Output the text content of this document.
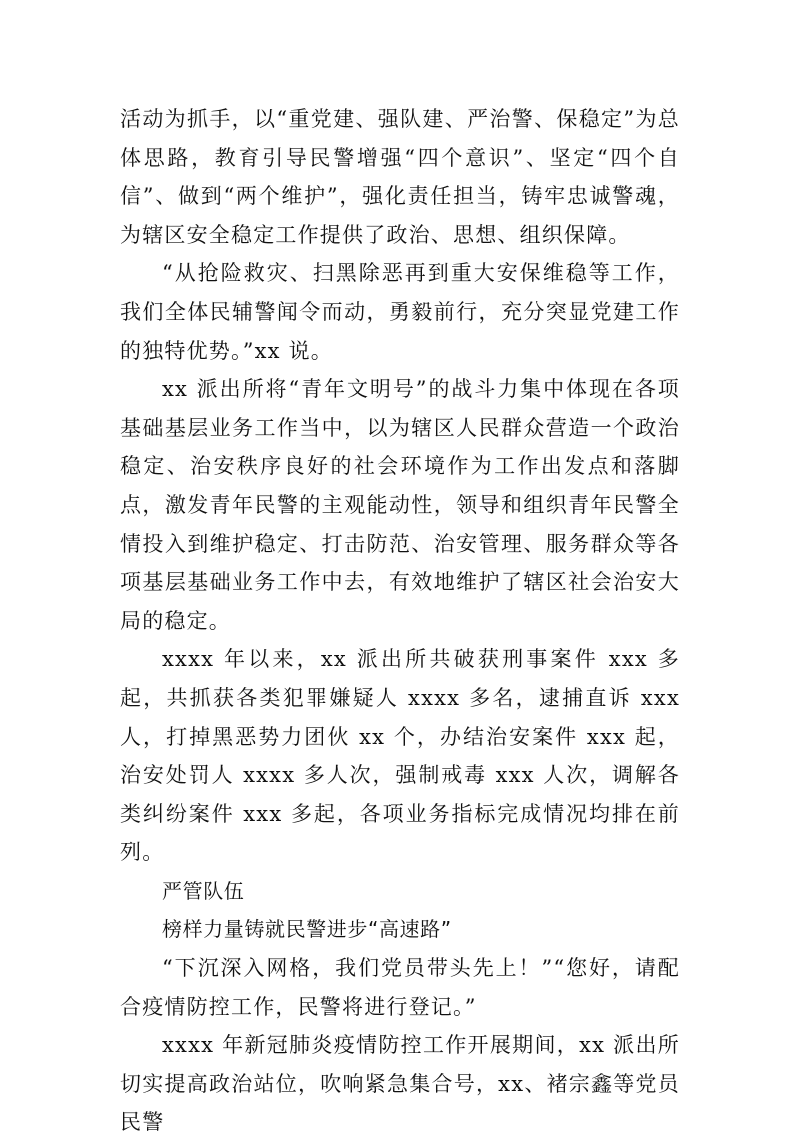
活动为抓手，以“重党建、强队建、严治警、保稳定”为总体思路，教育引导民警增强“四个意识”、坚定“四个自信”、做到“两个维护”，强化责任担当，铸牢忠诚警魂，为辖区安全稳定工作提供了政治、思想、组织保障。

“从抢险救灾、扫黑除恶再到重大安保维稳等工作，我们全体民辅警闻令而动，勇毅前行，充分突显党建工作的独特优势。”xx 说。

xx 派出所将“青年文明号”的战斗力集中体现在各项基础基层业务工作当中，以为辖区人民群众营造一个政治稳定、治安秩序良好的社会环境作为工作出发点和落脚点，激发青年民警的主观能动性，领导和组织青年民警全情投入到维护稳定、打击防范、治安管理、服务群众等各项基层基础业务工作中去，有效地维护了辖区社会治安大局的稳定。

xxxx 年以来，xx 派出所共破获刑事案件 xxx 多起，共抓获各类犯罪嫌疑人 xxxx 多名，逮捕直诉 xxx 人，打掉黑恶势力团伙 xx 个，办结治安案件 xxx 起，治安处罚人 xxxx 多人次，强制戒毒 xxx 人次，调解各类纠纷案件 xxx 多起，各项业务指标完成情况均排在前列。

严管队伍

榜样力量铸就民警进步“高速路”

“下沉深入网格，我们党员带头先上！”“您好，请配合疫情防控工作，民警将进行登记。”

xxxx 年新冠肺炎疫情防控工作开展期间，xx 派出所切实提高政治站位，吹响紧急集合号，xx、褚宗鑫等党员民警
